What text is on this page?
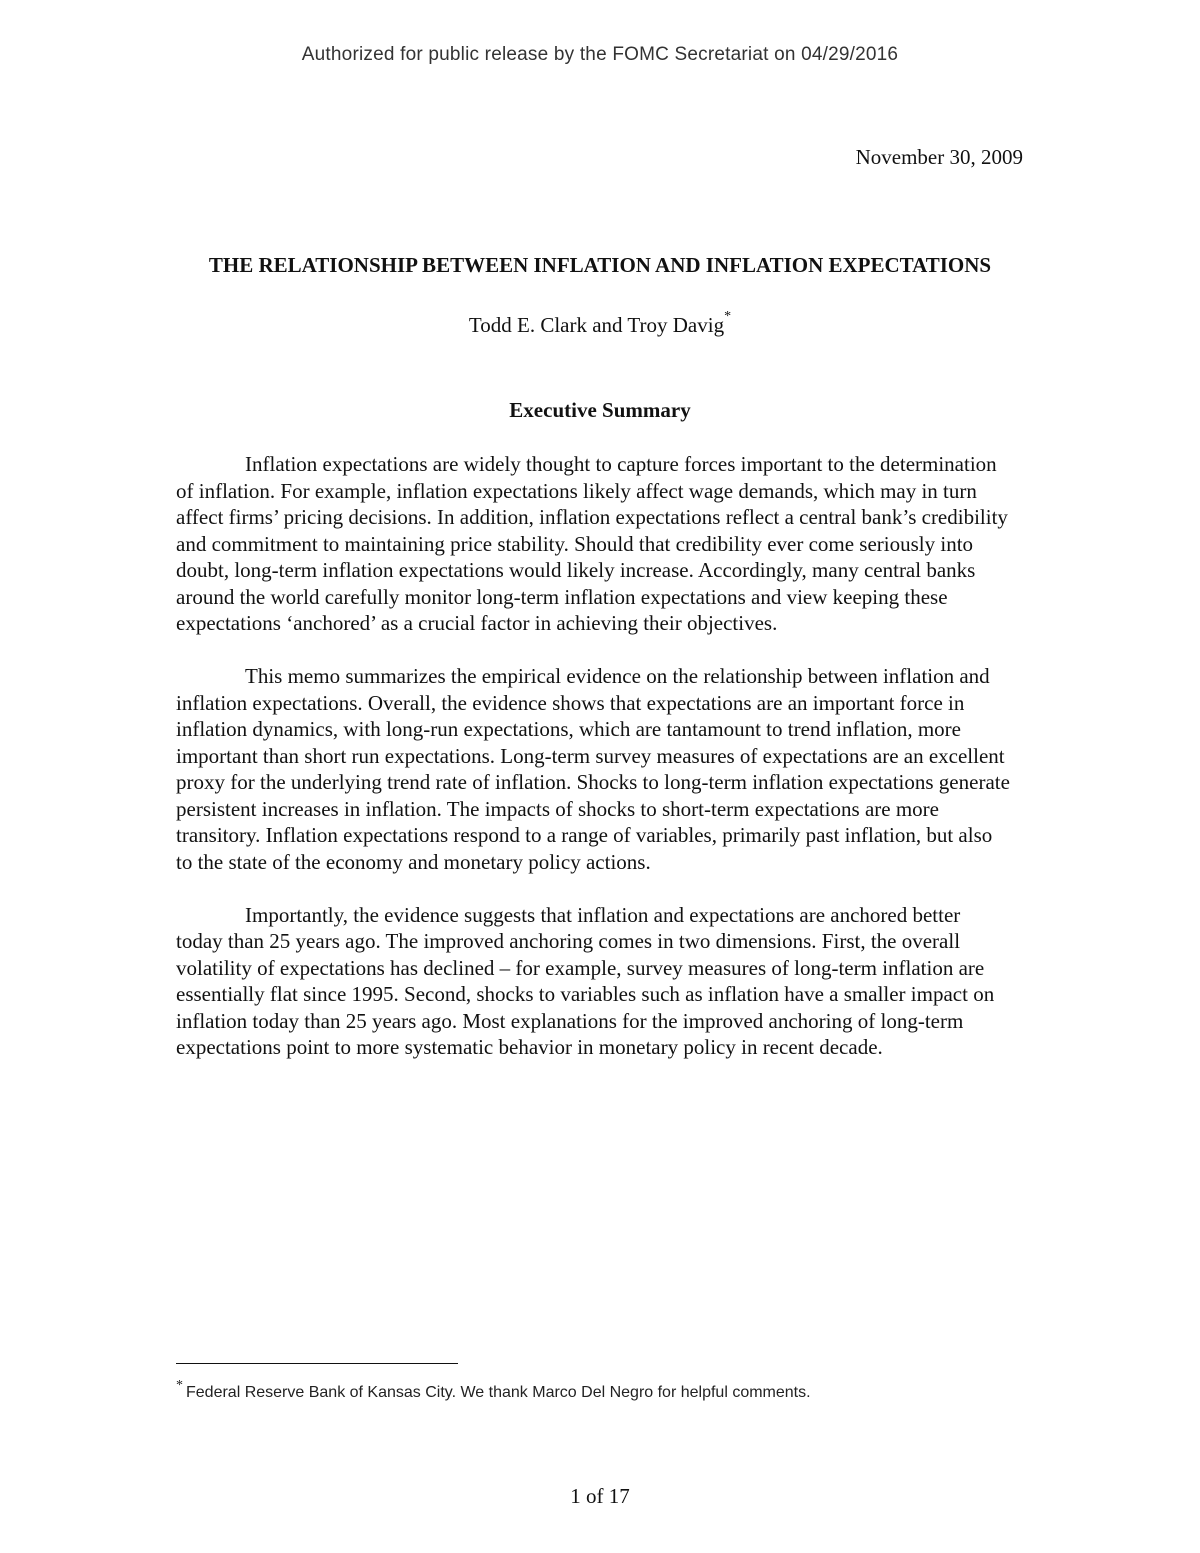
Authorized for public release by the FOMC Secretariat on 04/29/2016
November 30, 2009
THE RELATIONSHIP BETWEEN INFLATION AND INFLATION EXPECTATIONS
Todd E. Clark and Troy Davig*
Executive Summary

Inflation expectations are widely thought to capture forces important to the determination of inflation. For example, inflation expectations likely affect wage demands, which may in turn affect firms’ pricing decisions. In addition, inflation expectations reflect a central bank’s credibility and commitment to maintaining price stability. Should that credibility ever come seriously into doubt, long-term inflation expectations would likely increase. Accordingly, many central banks around the world carefully monitor long-term inflation expectations and view keeping these expectations ‘anchored’ as a crucial factor in achieving their objectives.

This memo summarizes the empirical evidence on the relationship between inflation and inflation expectations. Overall, the evidence shows that expectations are an important force in inflation dynamics, with long-run expectations, which are tantamount to trend inflation, more important than short run expectations. Long-term survey measures of expectations are an excellent proxy for the underlying trend rate of inflation. Shocks to long-term inflation expectations generate persistent increases in inflation. The impacts of shocks to short-term expectations are more transitory. Inflation expectations respond to a range of variables, primarily past inflation, but also to the state of the economy and monetary policy actions.

Importantly, the evidence suggests that inflation and expectations are anchored better today than 25 years ago. The improved anchoring comes in two dimensions. First, the overall volatility of expectations has declined – for example, survey measures of long-term inflation are essentially flat since 1995. Second, shocks to variables such as inflation have a smaller impact on inflation today than 25 years ago. Most explanations for the improved anchoring of long-term expectations point to more systematic behavior in monetary policy in recent decade.

* Federal Reserve Bank of Kansas City. We thank Marco Del Negro for helpful comments.
1 of 17
